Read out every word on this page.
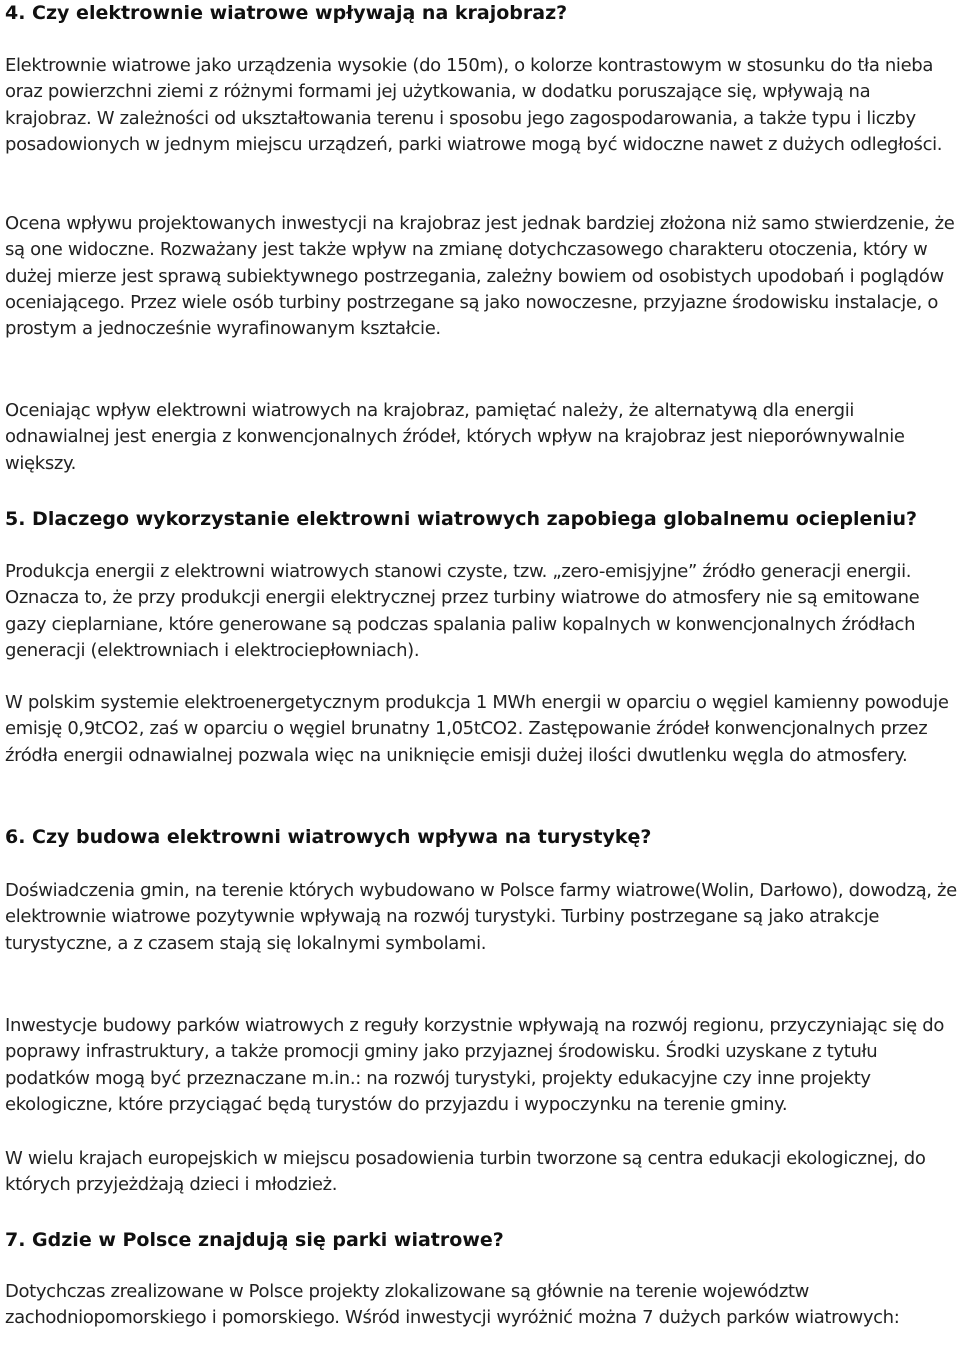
4. Czy elektrownie wiatrowe wpływają na krajobraz?

Elektrownie wiatrowe jako urządzenia wysokie (do 150m), o kolorze kontrastowym w stosunku do tła nieba oraz powierzchni ziemi z różnymi formami jej użytkowania, w dodatku poruszające się, wpływają na krajobraz. W zależności od ukształtowania terenu i sposobu jego zagospodarowania, a także typu i liczby posadowionych w jednym miejscu urządzeń, parki wiatrowe mogą być widoczne nawet z dużych odległości.

Ocena wpływu projektowanych inwestycji na krajobraz jest jednak bardziej złożona niż samo stwierdzenie, że są one widoczne. Rozważany jest także wpływ na zmianę dotychczasowego charakteru otoczenia, który w dużej mierze jest sprawą subiektywnego postrzegania, zależny bowiem od osobistych upodobań i poglądów oceniającego. Przez wiele osób turbiny postrzegane są jako nowoczesne, przyjazne środowisku instalacje, o prostym a jednocześnie wyrafinowanym kształcie.

Oceniając wpływ elektrowni wiatrowych na krajobraz, pamiętać należy, że alternatywą dla energii odnawialnej jest energia z konwencjonalnych źródeł, których wpływ na krajobraz jest nieporównywalnie większy.

5. Dlaczego wykorzystanie elektrowni wiatrowych zapobiega globalnemu ociepleniu?

Produkcja energii z elektrowni wiatrowych stanowi czyste, tzw. „zero-emisjyjne” źródło generacji energii. Oznacza to, że przy produkcji energii elektrycznej przez turbiny wiatrowe do atmosfery nie są emitowane gazy cieplarniane, które generowane są podczas spalania paliw kopalnych w konwencjonalnych źródłach generacji (elektrowniach i elektrociepłowniach).

W polskim systemie elektroenergetycznym produkcja 1 MWh energii w oparciu o węgiel kamienny powoduje emisję 0,9tCO2, zaś w oparciu o węgiel brunatny 1,05tCO2. Zastępowanie źródeł konwencjonalnych przez źródła energii odnawialnej pozwala więc na uniknięcie emisji dużej ilości dwutlenku węgla do atmosfery.

6. Czy budowa elektrowni wiatrowych wpływa na turystykę?

Doświadczenia gmin, na terenie których wybudowano w Polsce farmy wiatrowe(Wolin, Darłowo), dowodzą, że elektrownie wiatrowe pozytywnie wpływają na rozwój turystyki. Turbiny postrzegane są jako atrakcje turystyczne, a z czasem stają się lokalnymi symbolami.

Inwestycje budowy parków wiatrowych z reguły korzystnie wpływają na rozwój regionu, przyczyniając się do poprawy infrastruktury, a także promocji gminy jako przyjaznej środowisku. Środki uzyskane z tytułu podatków mogą być przeznaczane m.in.: na rozwój turystyki, projekty edukacyjne czy inne projekty ekologiczne, które przyciągać będą turystów do przyjazdu i wypoczynku na terenie gminy.

W wielu krajach europejskich w miejscu posadowienia turbin tworzone są centra edukacji ekologicznej, do których przyjeżdżają dzieci i młodzież.

7. Gdzie w Polsce znajdują się parki wiatrowe?

Dotychczas zrealizowane w Polsce projekty zlokalizowane są głównie na terenie województw zachodniopomorskiego i pomorskiego. Wśród inwestycji wyróżnić można 7 dużych parków wiatrowych:
